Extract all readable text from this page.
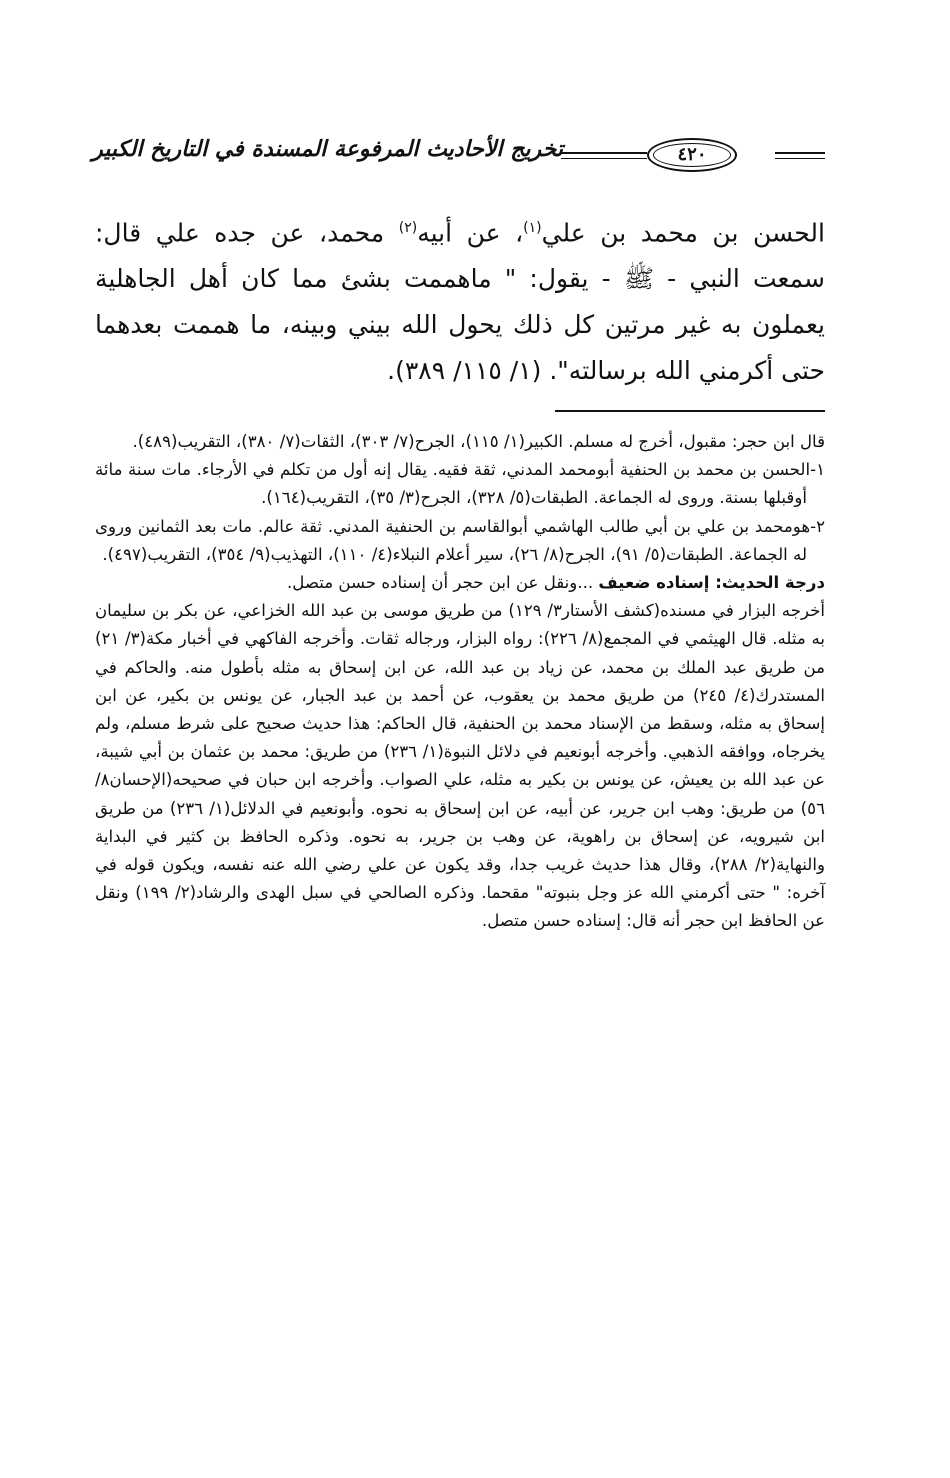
٤٢٠
تخريج الأحاديث المرفوعة المسندة في التاريخ الكبير

الحسن بن محمد بن علي$^{(١)}$، عن أبيه$^{(٢)}$ محمد، عن جده علي قال: سمعت النبي - ﷺ - يقول: " ماهممت بشئ مما كان أهل الجاهلية يعملون به غير مرتين كل ذلك يحول الله بيني وبينه، ما هممت بعدهما حتى أكرمني الله برسالته". (١/ ١١٥/ ٣٨٩).

قال ابن حجر: مقبول، أخرج له مسلم. الكبير(١/ ١١٥)، الجرح(٧/ ٣٠٣)، الثقات(٧/ ٣٨٠)، التقريب(٤٨٩).

١-الحسن بن محمد بن الحنفية أبومحمد المدني، ثقة فقيه. يقال إنه أول من تكلم في الأرجاء. مات سنة مائة أوقبلها بسنة. وروى له الجماعة. الطبقات(٥/ ٣٢٨)، الجرح(٣/ ٣٥)، التقريب(١٦٤).

٢-هومحمد بن علي بن أبي طالب الهاشمي أبوالقاسم بن الحنفية المدني. ثقة عالم. مات بعد الثمانين وروى له الجماعة. الطبقات(٥/ ٩١)، الجرح(٨/ ٢٦)، سير أعلام النبلاء(٤/ ١١٠)، التهذيب(٩/ ٣٥٤)، التقريب(٤٩٧).

درجة الحديث: إسناده ضعيف ...ونقل عن ابن حجر أن إسناده حسن متصل.

أخرجه البزار في مسنده(كشف الأستار٣/ ١٢٩) من طريق موسى بن عبد الله الخزاعي، عن بكر بن سليمان به مثله. قال الهيثمي في المجمع(٨/ ٢٢٦): رواه البزار، ورجاله ثقات. وأخرجه الفاكهي في أخبار مكة(٣/ ٢١) من طريق عبد الملك بن محمد، عن زياد بن عبد الله، عن ابن إسحاق به مثله بأطول منه. والحاكم في المستدرك(٤/ ٢٤٥) من طريق محمد بن يعقوب، عن أحمد بن عبد الجبار، عن يونس بن بكير، عن ابن إسحاق به مثله، وسقط من الإسناد محمد بن الحنفية، قال الحاكم: هذا حديث صحيح على شرط مسلم، ولم يخرجاه، ووافقه الذهبي. وأخرجه أبونعيم في دلائل النبوة(١/ ٢٣٦) من طريق: محمد بن عثمان بن أبي شيبة، عن عبد الله بن يعيش، عن يونس بن بكير به مثله، علي الصواب. وأخرجه ابن حبان في صحيحه(الإحسان٨/ ٥٦) من طريق: وهب ابن جرير، عن أبيه، عن ابن إسحاق به نحوه. وأبونعيم في الدلائل(١/ ٢٣٦) من طريق ابن شيرويه، عن إسحاق بن راهوية، عن وهب بن جرير، به نحوه. وذكره الحافظ بن كثير في البداية والنهاية(٢/ ٢٨٨)، وقال هذا حديث غريب جدا، وقد يكون عن علي رضي الله عنه نفسه، ويكون قوله في آخره: " حتى أكرمني الله عز وجل بنبوته" مقحما. وذكره الصالحي في سبل الهدى والرشاد(٢/ ١٩٩) ونقل عن الحافظ ابن حجر أنه قال: إسناده حسن متصل.
